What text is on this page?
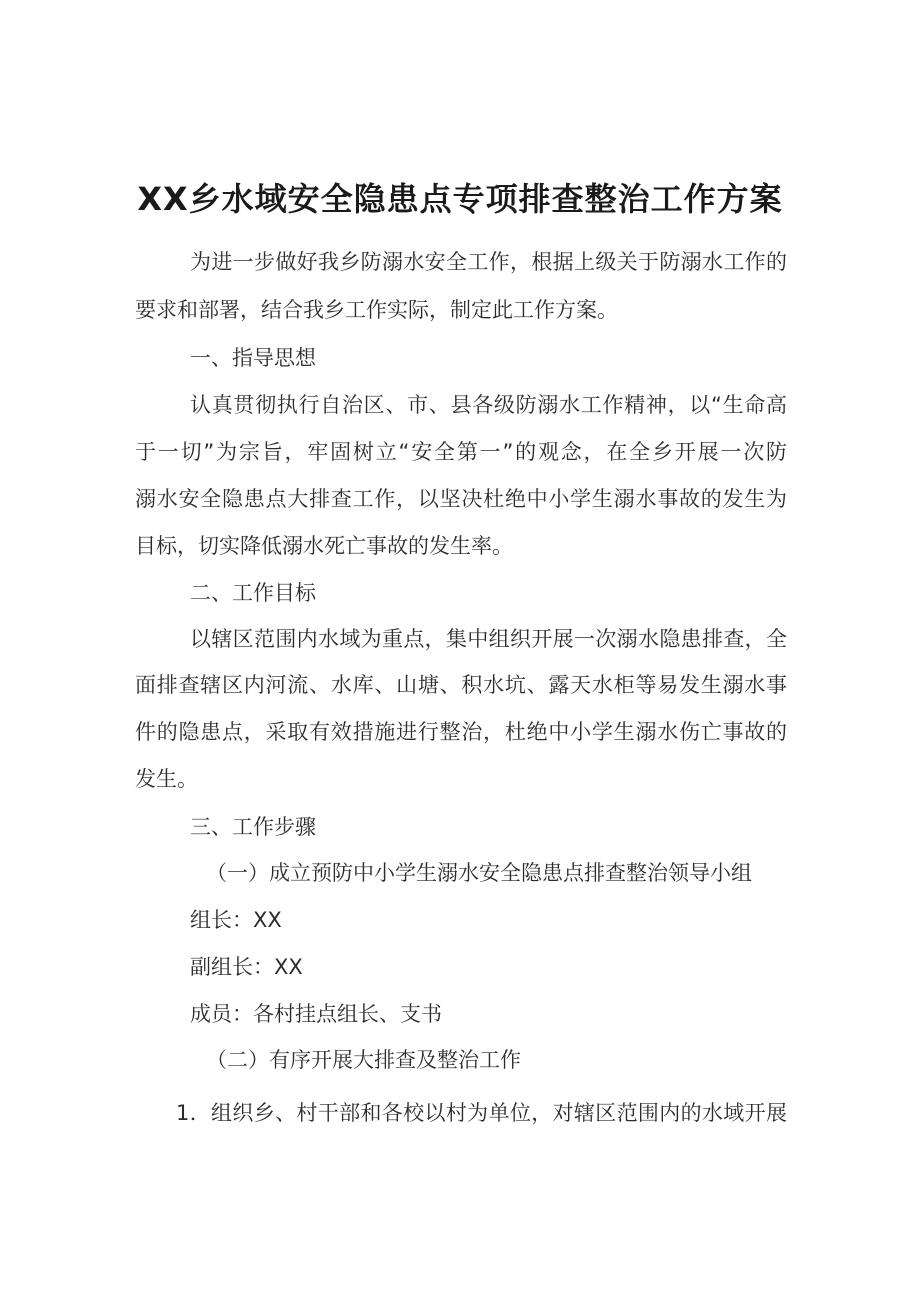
XX乡水域安全隐患点专项排查整治工作方案
为进一步做好我乡防溺水安全工作，根据上级关于防溺水工作的
要求和部署，结合我乡工作实际，制定此工作方案。
一、指导思想
认真贯彻执行自治区、市、县各级防溺水工作精神，以“生命高
于一切”为宗旨，牢固树立“安全第一”的观念，在全乡开展一次防
溺水安全隐患点大排查工作，以坚决杜绝中小学生溺水事故的发生为
目标，切实降低溺水死亡事故的发生率。
二、工作目标
以辖区范围内水域为重点，集中组织开展一次溺水隐患排查，全
面排查辖区内河流、水库、山塘、积水坑、露天水柜等易发生溺水事
件的隐患点，采取有效措施进行整治，杜绝中小学生溺水伤亡事故的
发生。
三、工作步骤
（一）成立预防中小学生溺水安全隐患点排查整治领导小组
组长：XX
副组长：XX
成员：各村挂点组长、支书
（二）有序开展大排查及整治工作
1．组织乡、村干部和各校以村为单位，对辖区范围内的水域开展
